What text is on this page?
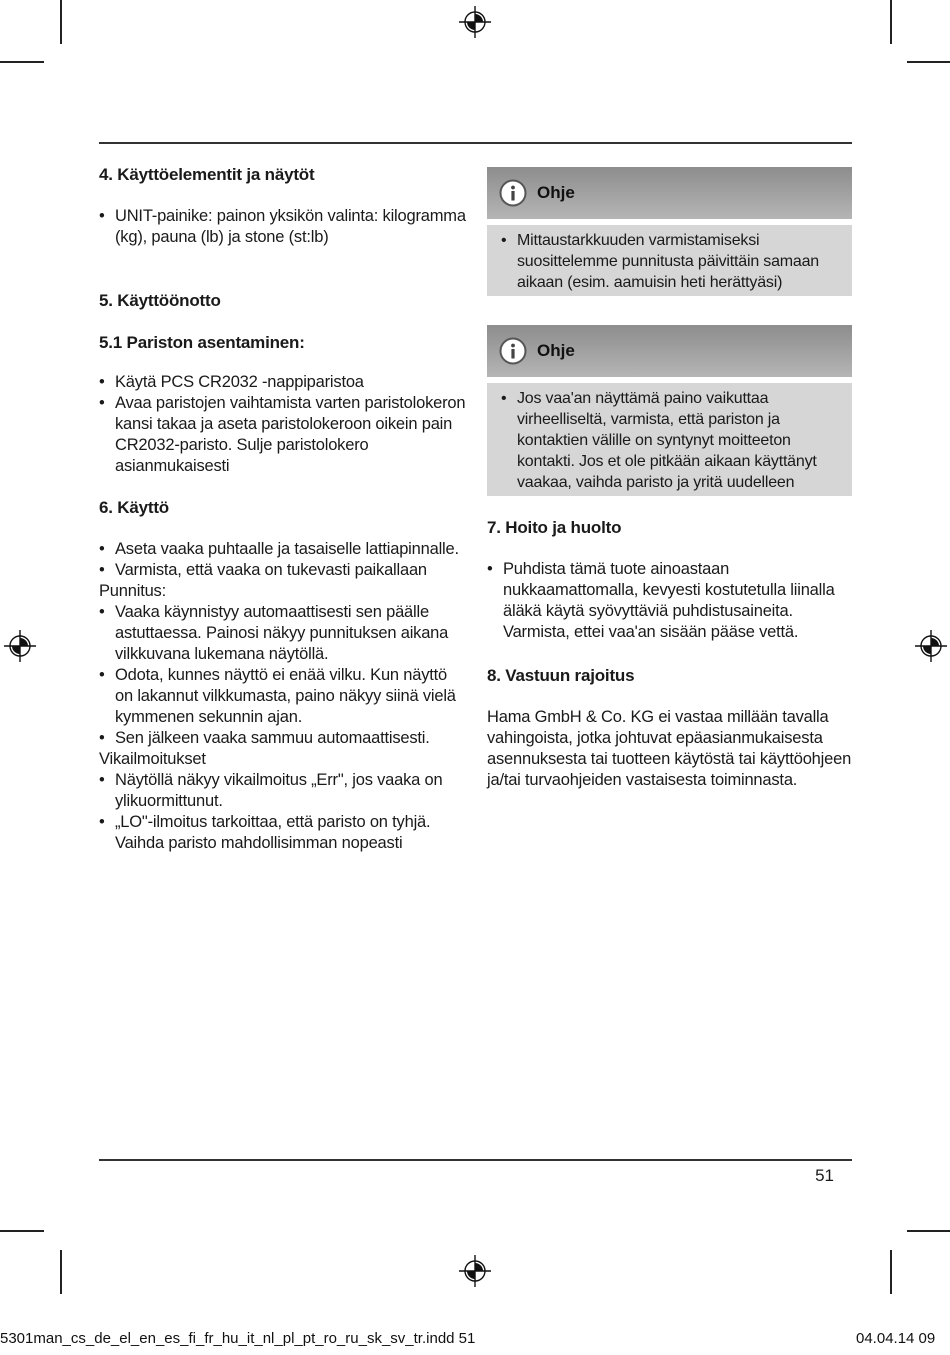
4. Käyttöelementit ja näytöt

• UNIT-painike: painon yksikön valinta: kilogramma (kg), pauna (lb) ja stone (st:lb)

5. Käyttöönotto
5.1 Pariston asentaminen:

• Käytä PCS CR2032 -nappiparistoa

• Avaa paristojen vaihtamista varten paristolokeron kansi takaa ja aseta paristolokeroon oikein pain CR2032-paristo. Sulje paristolokero asianmukaisesti

6. Käyttö

• Aseta vaaka puhtaalle ja tasaiselle lattiapinnalle.

• Varmista, että vaaka on tukevasti paikallaan

Punnitus:

• Vaaka käynnistyy automaattisesti sen päälle astuttaessa. Painosi näkyy punnituksen aikana vilkkuvana lukemana näytöllä.

• Odota, kunnes näyttö ei enää vilku. Kun näyttö on lakannut vilkkumasta, paino näkyy siinä vielä kymmenen sekunnin ajan.

• Sen jälkeen vaaka sammuu automaattisesti.

Vikailmoitukset

• Näytöllä näkyy vikailmoitus „Err", jos vaaka on ylikuormittunut.

• „LO"-ilmoitus tarkoittaa, että paristo on tyhjä. Vaihda paristo mahdollisimman nopeasti

Ohje

• Mittaustarkkuuden varmistamiseksi suosittelemme punnitusta päivittäin samaan aikaan (esim. aamuisin heti herättyäsi)

Ohje

• Jos vaa'an näyttämä paino vaikuttaa virheelliseltä, varmista, että pariston ja kontaktien välille on syntynyt moitteeton kontakti. Jos et ole pitkään aikaan käyttänyt vaakaa, vaihda paristo ja yritä uudelleen

7. Hoito ja huolto

• Puhdista tämä tuote ainoastaan nukkaamattomalla, kevyesti kostutetulla liinalla äläkä käytä syövyttäviä puhdistusaineita. Varmista, ettei vaa'an sisään pääse vettä.

8. Vastuun rajoitus

Hama GmbH & Co. KG ei vastaa millään tavalla vahingoista, jotka johtuvat epäasianmukaisesta asennuksesta tai tuotteen käytöstä tai käyttöohjeen ja/tai turvaohjeiden vastaisesta toiminnasta.

51
5301man_cs_de_el_en_es_fi_fr_hu_it_nl_pl_pt_ro_ru_sk_sv_tr.indd 51	04.04.14 09
